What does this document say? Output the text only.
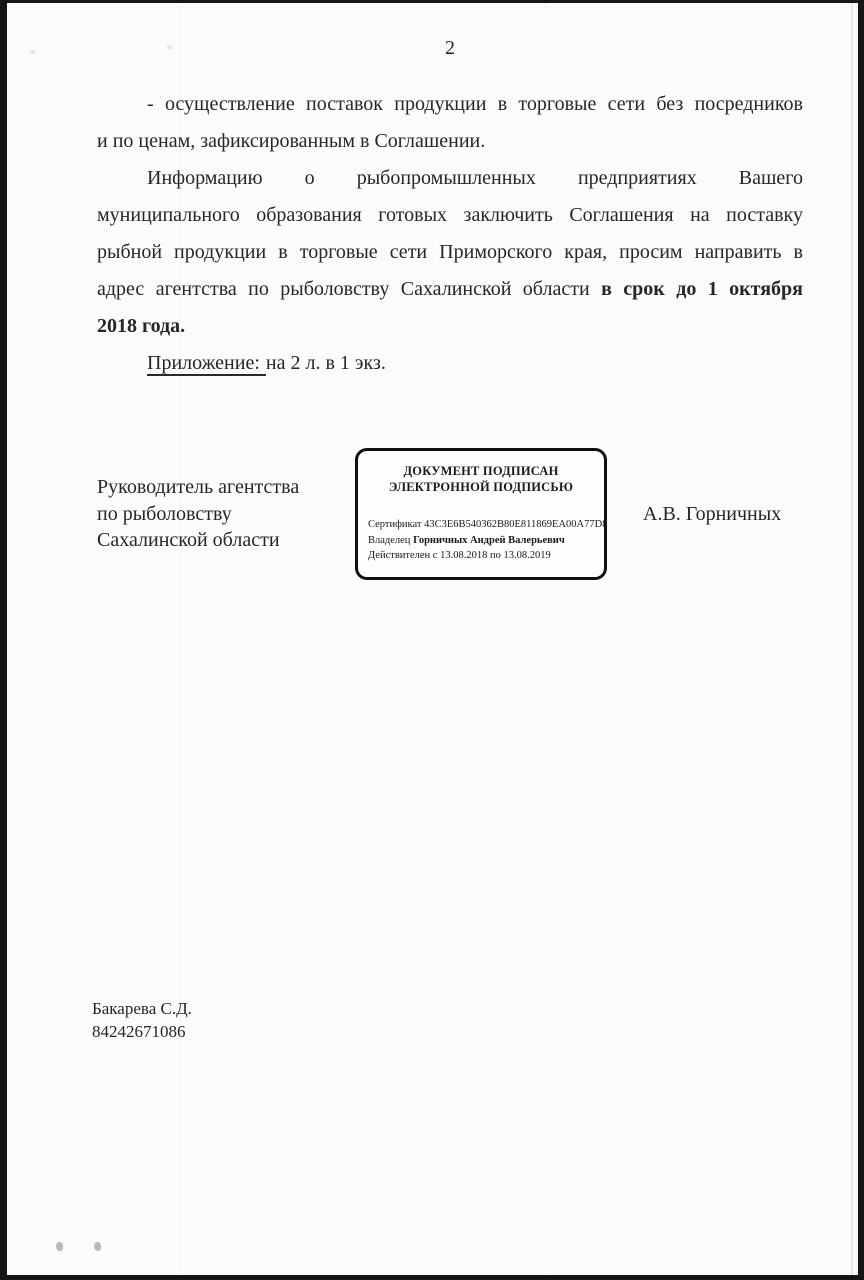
2
- осуществление поставок продукции в торговые сети без посредников
и по ценам, зафиксированным в Соглашении.
Информацию о рыбопромышленных предприятиях Вашего
муниципального образования готовых заключить Соглашения на поставку
рыбной продукции в торговые сети Приморского края, просим направить в
адрес агентства по рыболовству Сахалинской области в срок до 1 октября
2018 года.
Приложение: на 2 л. в 1 экз.
Руководитель агентства
по рыболовству
Сахалинской области
ДОКУМЕНТ ПОДПИСАН
ЭЛЕКТРОННОЙ ПОДПИСЬЮ
Сертификат 43C3E6B540362B80E811869EA00A77D8
Владелец Горничных Андрей Валерьевич
Действителен с 13.08.2018 по 13.08.2019
А.В. Горничных
Бакарева С.Д.
84242671086
